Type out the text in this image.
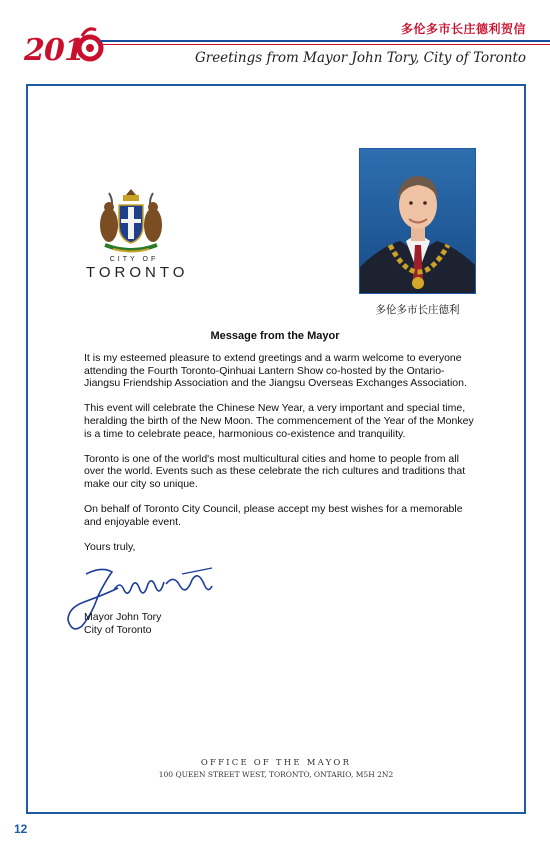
2 0 1
多伦多市长庄德利贺信
Greetings from Mayor John Tory, City of Toronto
CITY OF
TORONTO
多伦多市长庄德利
Message from the Mayor

It is my esteemed pleasure to extend greetings and a warm welcome to everyone attending the Fourth Toronto-Qinhuai Lantern Show co-hosted by the Ontario-Jiangsu Friendship Association and the Jiangsu Overseas Exchanges Association.

This event will celebrate the Chinese New Year, a very important and special time, heralding the birth of the New Moon. The commencement of the Year of the Monkey is a time to celebrate peace, harmonious co-existence and tranquility.

Toronto is one of the world's most multicultural cities and home to people from all over the world. Events such as these celebrate the rich cultures and traditions that make our city so unique.

On behalf of Toronto City Council, please accept my best wishes for a memorable and enjoyable event.

Yours truly,

Mayor John Tory
City of Toronto
OFFICE OF THE MAYOR
100 QUEEN STREET WEST, TORONTO, ONTARIO, M5H 2N2
12
